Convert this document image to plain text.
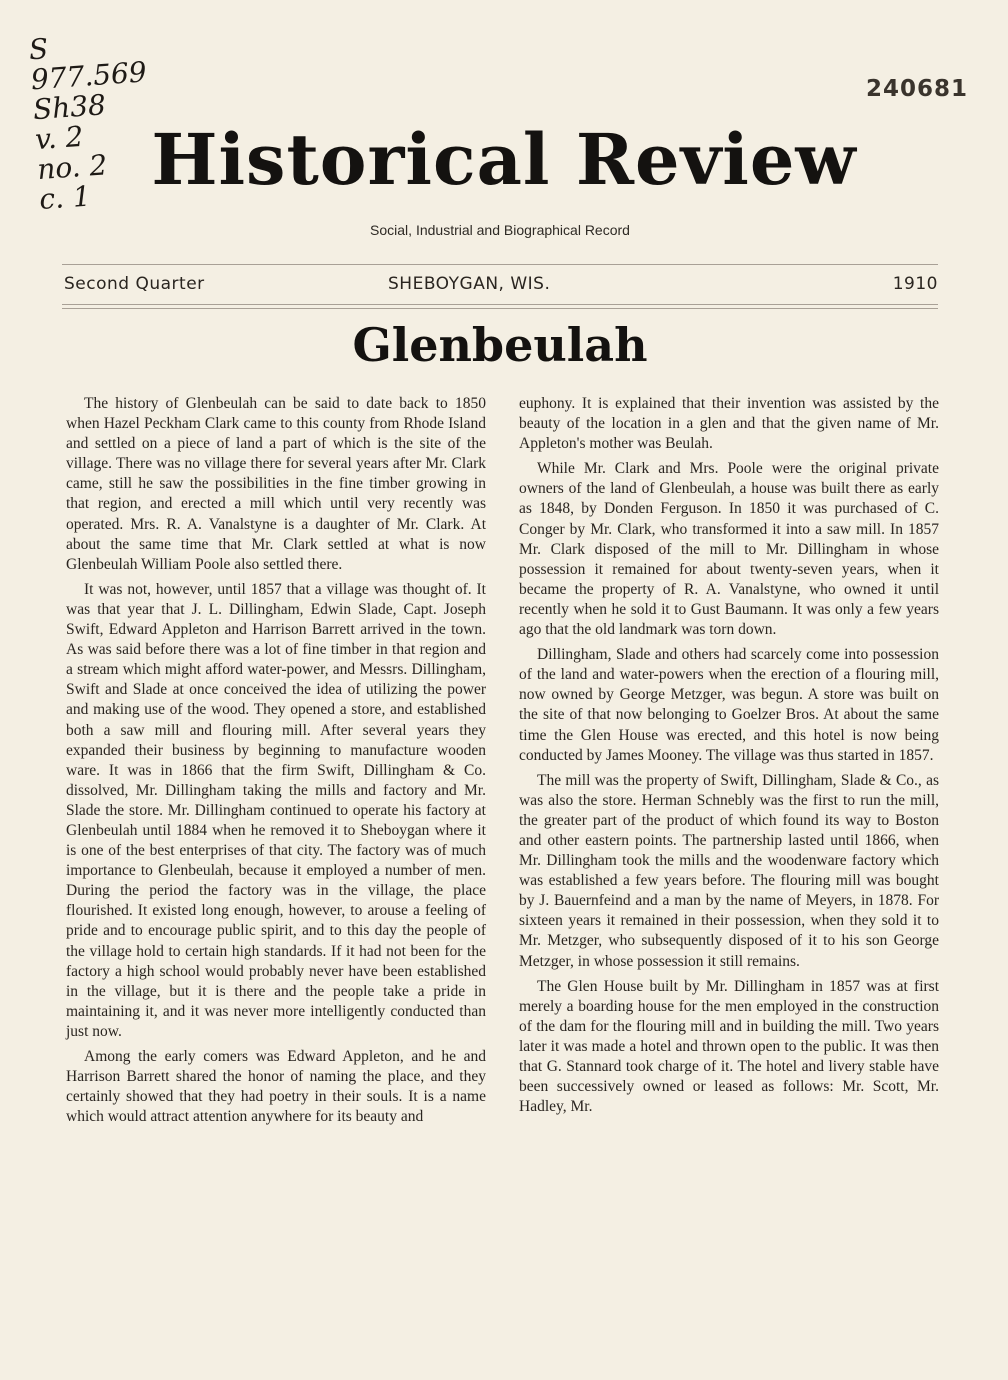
S
977.569
Sh38
v. 2
no. 2
c. 1
240681
Historical Review
Social, Industrial and Biographical Record
Second Quarter	SHEBOYGAN, WIS.	1910
Glenbeulah

The history of Glenbeulah can be said to date back to 1850 when Hazel Peckham Clark came to this county from Rhode Island and settled on a piece of land a part of which is the site of the village. There was no village there for several years after Mr. Clark came, still he saw the possibilities in the fine timber growing in that region, and erected a mill which until very recently was operated. Mrs. R. A. Vanalstyne is a daughter of Mr. Clark. At about the same time that Mr. Clark settled at what is now Glenbeulah William Poole also settled there.

It was not, however, until 1857 that a village was thought of. It was that year that J. L. Dillingham, Edwin Slade, Capt. Joseph Swift, Edward Appleton and Harrison Barrett arrived in the town. As was said before there was a lot of fine timber in that region and a stream which might afford water-power, and Messrs. Dillingham, Swift and Slade at once conceived the idea of utilizing the power and making use of the wood. They opened a store, and established both a saw mill and flouring mill. After several years they expanded their business by beginning to manufacture wooden ware. It was in 1866 that the firm Swift, Dillingham & Co. dissolved, Mr. Dillingham taking the mills and factory and Mr. Slade the store. Mr. Dillingham continued to operate his factory at Glenbeulah until 1884 when he removed it to Sheboygan where it is one of the best enterprises of that city. The factory was of much importance to Glenbeulah, because it employed a number of men. During the period the factory was in the village, the place flourished. It existed long enough, however, to arouse a feeling of pride and to encourage public spirit, and to this day the people of the village hold to certain high standards. If it had not been for the factory a high school would probably never have been established in the village, but it is there and the people take a pride in maintaining it, and it was never more intelligently conducted than just now.

Among the early comers was Edward Appleton, and he and Harrison Barrett shared the honor of naming the place, and they certainly showed that they had poetry in their souls. It is a name which would attract attention anywhere for its beauty and

euphony. It is explained that their invention was assisted by the beauty of the location in a glen and that the given name of Mr. Appleton's mother was Beulah.

While Mr. Clark and Mrs. Poole were the original private owners of the land of Glenbeulah, a house was built there as early as 1848, by Donden Ferguson. In 1850 it was purchased of C. Conger by Mr. Clark, who transformed it into a saw mill. In 1857 Mr. Clark disposed of the mill to Mr. Dillingham in whose possession it remained for about twenty-seven years, when it became the property of R. A. Vanalstyne, who owned it until recently when he sold it to Gust Baumann. It was only a few years ago that the old landmark was torn down.

Dillingham, Slade and others had scarcely come into possession of the land and water-powers when the erection of a flouring mill, now owned by George Metzger, was begun. A store was built on the site of that now belonging to Goelzer Bros. At about the same time the Glen House was erected, and this hotel is now being conducted by James Mooney. The village was thus started in 1857.

The mill was the property of Swift, Dillingham, Slade & Co., as was also the store. Herman Schnebly was the first to run the mill, the greater part of the product of which found its way to Boston and other eastern points. The partnership lasted until 1866, when Mr. Dillingham took the mills and the woodenware factory which was established a few years before. The flouring mill was bought by J. Bauernfeind and a man by the name of Meyers, in 1878. For sixteen years it remained in their possession, when they sold it to Mr. Metzger, who subsequently disposed of it to his son George Metzger, in whose possession it still remains.

The Glen House built by Mr. Dillingham in 1857 was at first merely a boarding house for the men employed in the construction of the dam for the flouring mill and in building the mill. Two years later it was made a hotel and thrown open to the public. It was then that G. Stannard took charge of it. The hotel and livery stable have been successively owned or leased as follows: Mr. Scott, Mr. Hadley, Mr.
